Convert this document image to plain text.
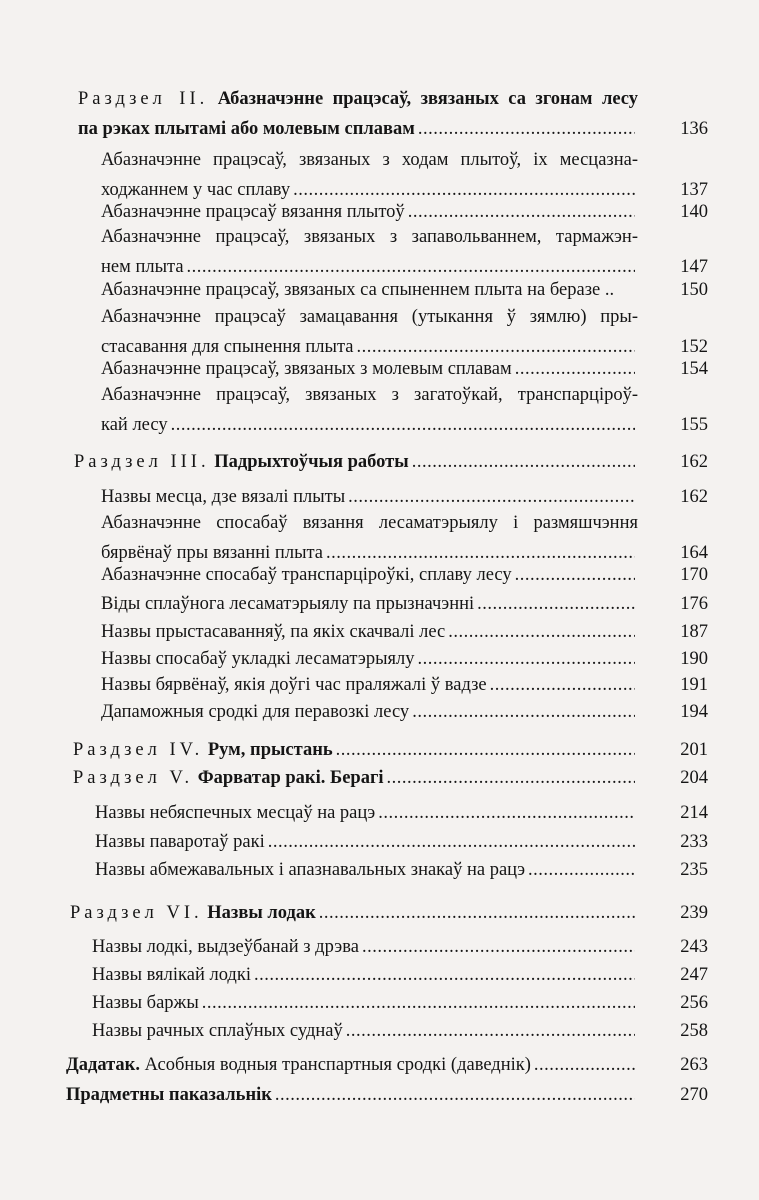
Раздзел II. Абазначэнне працэсаў, звязаных са згонам лесу
па рэках плытамі або молевым сплавам .....	136
Абазначэнне працэсаў, звязаных з ходам плытоў, іх месцазна-
ходжаннем у час сплаву .....	137
Абазначэнне працэсаў вязання плытоў .....	140
Абазначэнне працэсаў, звязаных з запавольваннем, тармажэн-
нем плыта .....	147
Абазначэнне працэсаў, звязаных са спыненнем плыта на беразе ..	150
Абазначэнне працэсаў замацавання (утыкання ў зямлю) пры-
стасавання для спынення плыта .....	152
Абазначэнне працэсаў, звязаных з молевым сплавам .....	154
Абазначэнне працэсаў, звязаных з загатоўкай, транспарціроў-
кай лесу .....	155
Раздзел III.
Падрыхтоўчыя работы .....	162
Назвы месца, дзе вязалі плыты .....	162
Абазначэнне спосабаў вязання лесаматэрыялу і размяшчэння
бярвёнаў пры вязанні плыта .....	164
Абазначэнне спосабаў транспарціроўкі, сплаву лесу .....	170
Віды сплаўнога лесаматэрыялу па прызначэнні .....	176
Назвы прыстасаванняў, па якіх скачвалі лес .....	187
Назвы спосабаў укладкі лесаматэрыялу .....	190
Назвы бярвёнаў, якія доўгі час праляжалі ў вадзе .....	191
Дапаможныя сродкі для перавозкі лесу .....	194
Раздзел IV.
Рум, прыстань .....	201
Раздзел V.
Фарватар ракі. Берагі .....	204
Назвы небяспечных месцаў на рацэ .....	214
Назвы паваротаў ракі .....	233
Назвы абмежавальных і апазнавальных знакаў на рацэ .....	235
Раздзел VI.
Назвы лодак .....	239
Назвы лодкі, выдзеўбанай з дрэва .....	243
Назвы вялікай лодкі .....	247
Назвы баржы .....	256
Назвы рачных сплаўных суднаў .....	258
Дадатак.
Асобныя водныя транспартныя сродкі (даведнік) .....	263
Прадметны паказальнік .....	270
